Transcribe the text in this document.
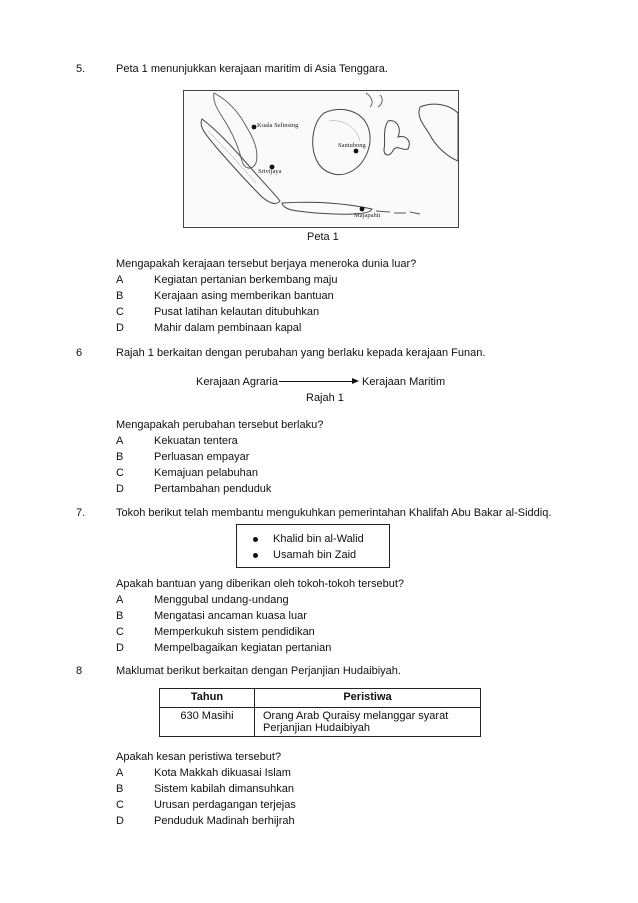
5.	Peta 1 menunjukkan kerajaan maritim di Asia Tenggara.
Kuala Selinsing
Srivijaya
Santubong
Majapahit
Peta 1
Mengapakah kerajaan tersebut berjaya meneroka dunia luar?
A	Kegiatan pertanian berkembang maju
B	Kerajaan asing memberikan bantuan
C	Pusat latihan kelautan ditubuhkan
D	Mahir dalam pembinaan kapal
6	Rajah 1 berkaitan dengan perubahan yang berlaku kepada kerajaan Funan.
Kerajaan Agraria	Kerajaan Maritim
Rajah 1
Mengapakah perubahan tersebut berlaku?
A	Kekuatan tentera
B	Perluasan empayar
C	Kemajuan pelabuhan
D	Pertambahan penduduk
7.	Tokoh berikut telah membantu mengukuhkan pemerintahan Khalifah Abu Bakar al-Siddiq.
Khalid bin al-Walid
Usamah bin Zaid
Apakah bantuan yang diberikan oleh tokoh-tokoh tersebut?
A	Menggubal undang-undang
B	Mengatasi ancaman kuasa luar
C	Memperkukuh sistem pendidikan
D	Mempelbagaikan kegiatan pertanian
8	Maklumat berikut berkaitan dengan Perjanjian Hudaibiyah.
Tahun	Peristiwa
630 Masihi	Orang Arab Quraisy melanggar syarat
Perjanjian Hudaibiyah
Apakah kesan peristiwa tersebut?
A	Kota Makkah dikuasai Islam
B	Sistem kabilah dimansuhkan
C	Urusan perdagangan terjejas
D	Penduduk Madinah berhijrah
